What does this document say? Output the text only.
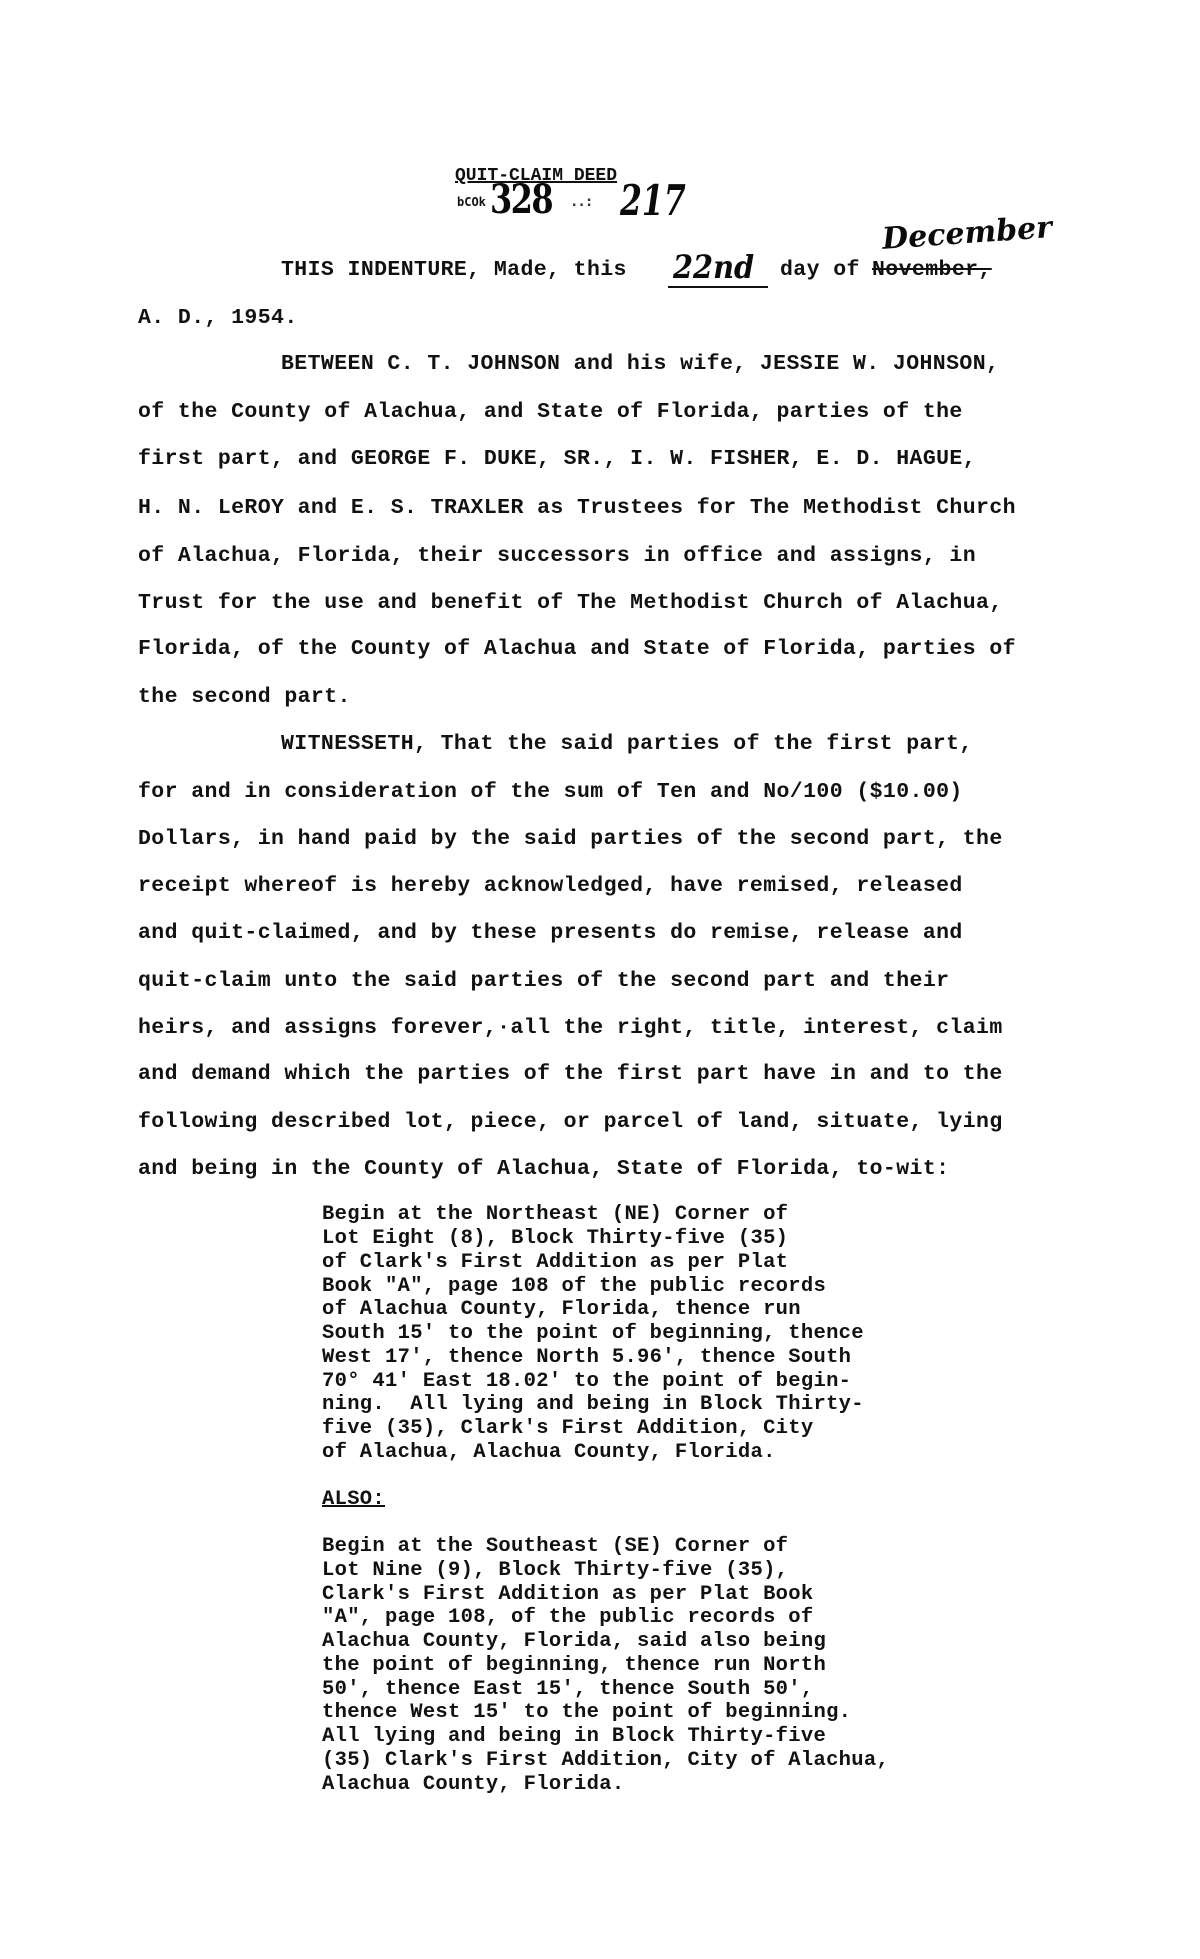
QUIT-CLAIM DEED
bCOk 328 ..: 217
THIS INDENTURE, Made, this 22nd day of November,
December
A. D., 1954.
BETWEEN C. T. JOHNSON and his wife, JESSIE W. JOHNSON,
of the County of Alachua, and State of Florida, parties of the
first part, and GEORGE F. DUKE, SR., I. W. FISHER, E. D. HAGUE,
H. N. LeROY and E. S. TRAXLER as Trustees for The Methodist Church
of Alachua, Florida, their successors in office and assigns, in
Trust for the use and benefit of The Methodist Church of Alachua,
Florida, of the County of Alachua and State of Florida, parties of
the second part.
WITNESSETH, That the said parties of the first part,
for and in consideration of the sum of Ten and No/100 ($10.00)
Dollars, in hand paid by the said parties of the second part, the
receipt whereof is hereby acknowledged, have remised, released
and quit-claimed, and by these presents do remise, release and
quit-claim unto the said parties of the second part and their
heirs, and assigns forever,·all the right, title, interest, claim
and demand which the parties of the first part have in and to the
following described lot, piece, or parcel of land, situate, lying
and being in the County of Alachua, State of Florida, to-wit:
Begin at the Northeast (NE) Corner of
Lot Eight (8), Block Thirty-five (35)
of Clark's First Addition as per Plat
Book "A", page 108 of the public records
of Alachua County, Florida, thence run
South 15' to the point of beginning, thence
West 17', thence North 5.96', thence South
70° 41' East 18.02' to the point of begin-
ning.  All lying and being in Block Thirty-
five (35), Clark's First Addition, City
of Alachua, Alachua County, Florida.
ALSO:
Begin at the Southeast (SE) Corner of
Lot Nine (9), Block Thirty-five (35),
Clark's First Addition as per Plat Book
"A", page 108, of the public records of
Alachua County, Florida, said also being
the point of beginning, thence run North
50', thence East 15', thence South 50',
thence West 15' to the point of beginning.
All lying and being in Block Thirty-five
(35) Clark's First Addition, City of Alachua,
Alachua County, Florida.
